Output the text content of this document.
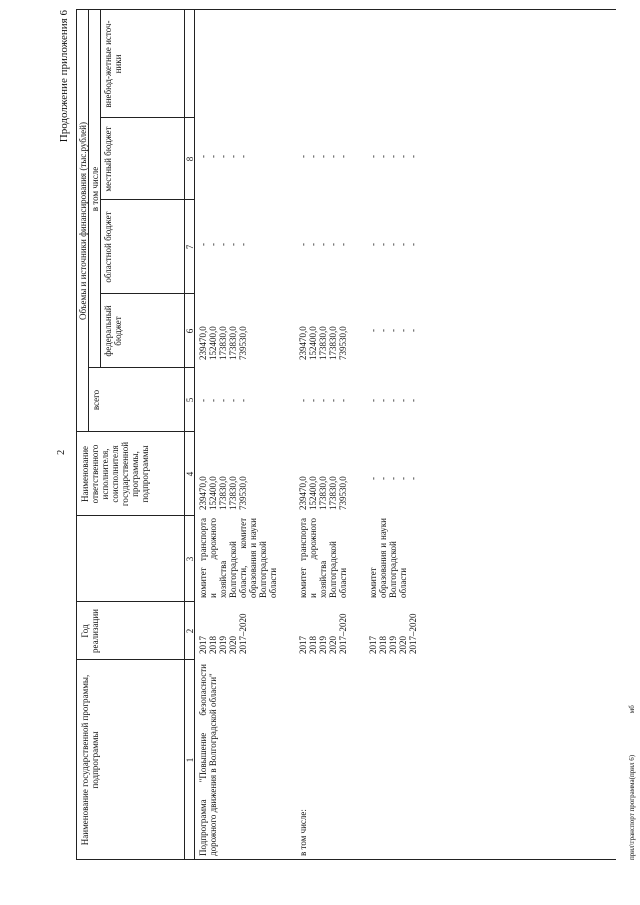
2
Продолжение приложения 6
Наименование государственной программы, подпрограммы
Год реализации
Наименование ответственного исполнителя, соисполнителя государственной программы, подпрограммы
Объемы и источники финансирования (тыс.рублей)
всего
в том числе
федеральный бюджет
областной бюджет
местный бюджет
внебюд-жетные источ-ники
1
2
3
4
5
6
7
8
Подпрограмма "Повышение безопасности дорожного движения в Волгоградской области"	в том числе:
2017
2018
2019
2020
2017–2020
комитет транспорта и дорожного хозяйства Волгоградской области, комитет образования и науки Волгоградской области
239470,0
152400,0
173830,0
173830,0
739530,0
-
-
-
-
-
239470,0
152400,0
173830,0
173830,0
739530,0
-
-
-
-
-
-
-
-
-
-
2017
2018
2019
2020
2017–2020
комитет транспорта и дорожного хозяйства Волгоградской области
239470,0
152400,0
173830,0
173830,0
739530,0
-
-
-
-
-
239470,0
152400,0
173830,0
173830,0
739530,0
-
-
-
-
-
-
-
-
-
-
2017
2018
2019
2020
2017–2020
комитет образования и науки Волгоградской области
-
-
-
-
-
-
-
-
-
-
-
-
-
-
-
-
-
-
-
-
-
-
-
-
-
прил\транспорт программа(прил 6) мб
